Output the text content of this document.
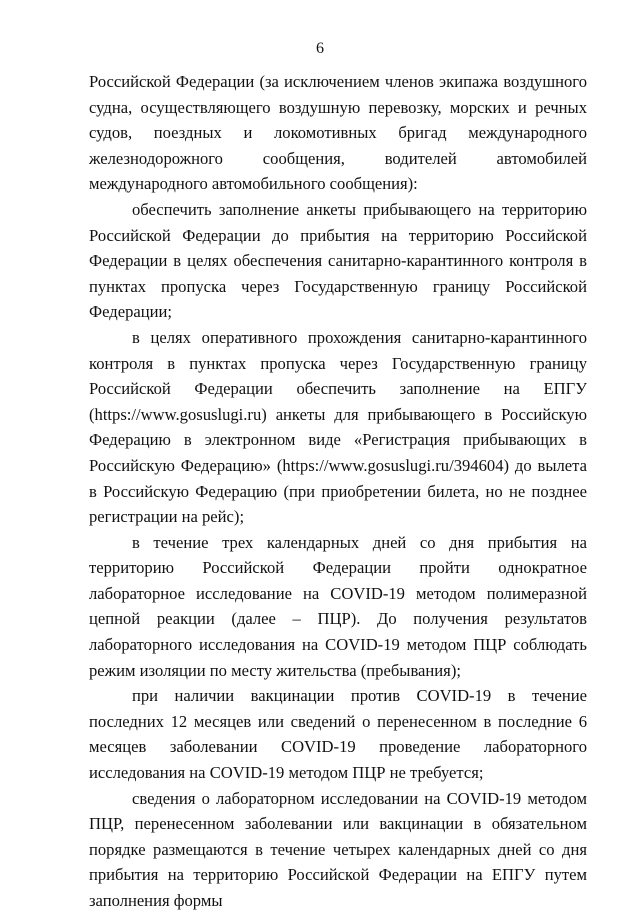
6

Российской Федерации (за исключением членов экипажа воздушного судна, осуществляющего воздушную перевозку, морских и речных судов, поездных и локомотивных бригад международного железнодорожного сообщения, водителей автомобилей международного автомобильного сообщения):

обеспечить заполнение анкеты прибывающего на территорию Российской Федерации до прибытия на территорию Российской Федерации в целях обеспечения санитарно-карантинного контроля в пунктах пропуска через Государственную границу Российской Федерации;

в целях оперативного прохождения санитарно-карантинного контроля в пунктах пропуска через Государственную границу Российской Федерации обеспечить заполнение на ЕПГУ (https://www.gosuslugi.ru) анкеты для прибывающего в Российскую Федерацию в электронном виде «Регистрация прибывающих в Российскую Федерацию» (https://www.gosuslugi.ru/394604) до вылета в Российскую Федерацию (при приобретении билета, но не позднее регистрации на рейс);

в течение трех календарных дней со дня прибытия на территорию Российской Федерации пройти однократное лабораторное исследование на COVID-19 методом полимеразной цепной реакции (далее – ПЦР). До получения результатов лабораторного исследования на COVID-19 методом ПЦР соблюдать режим изоляции по месту жительства (пребывания);

при наличии вакцинации против COVID-19 в течение последних 12 месяцев или сведений о перенесенном в последние 6 месяцев заболевании COVID-19 проведение лабораторного исследования на COVID-19 методом ПЦР не требуется;

сведения о лабораторном исследовании на COVID-19 методом ПЦР, перенесенном заболевании или вакцинации в обязательном порядке размещаются в течение четырех календарных дней со дня прибытия на территорию Российской Федерации на ЕПГУ путем заполнения формы
